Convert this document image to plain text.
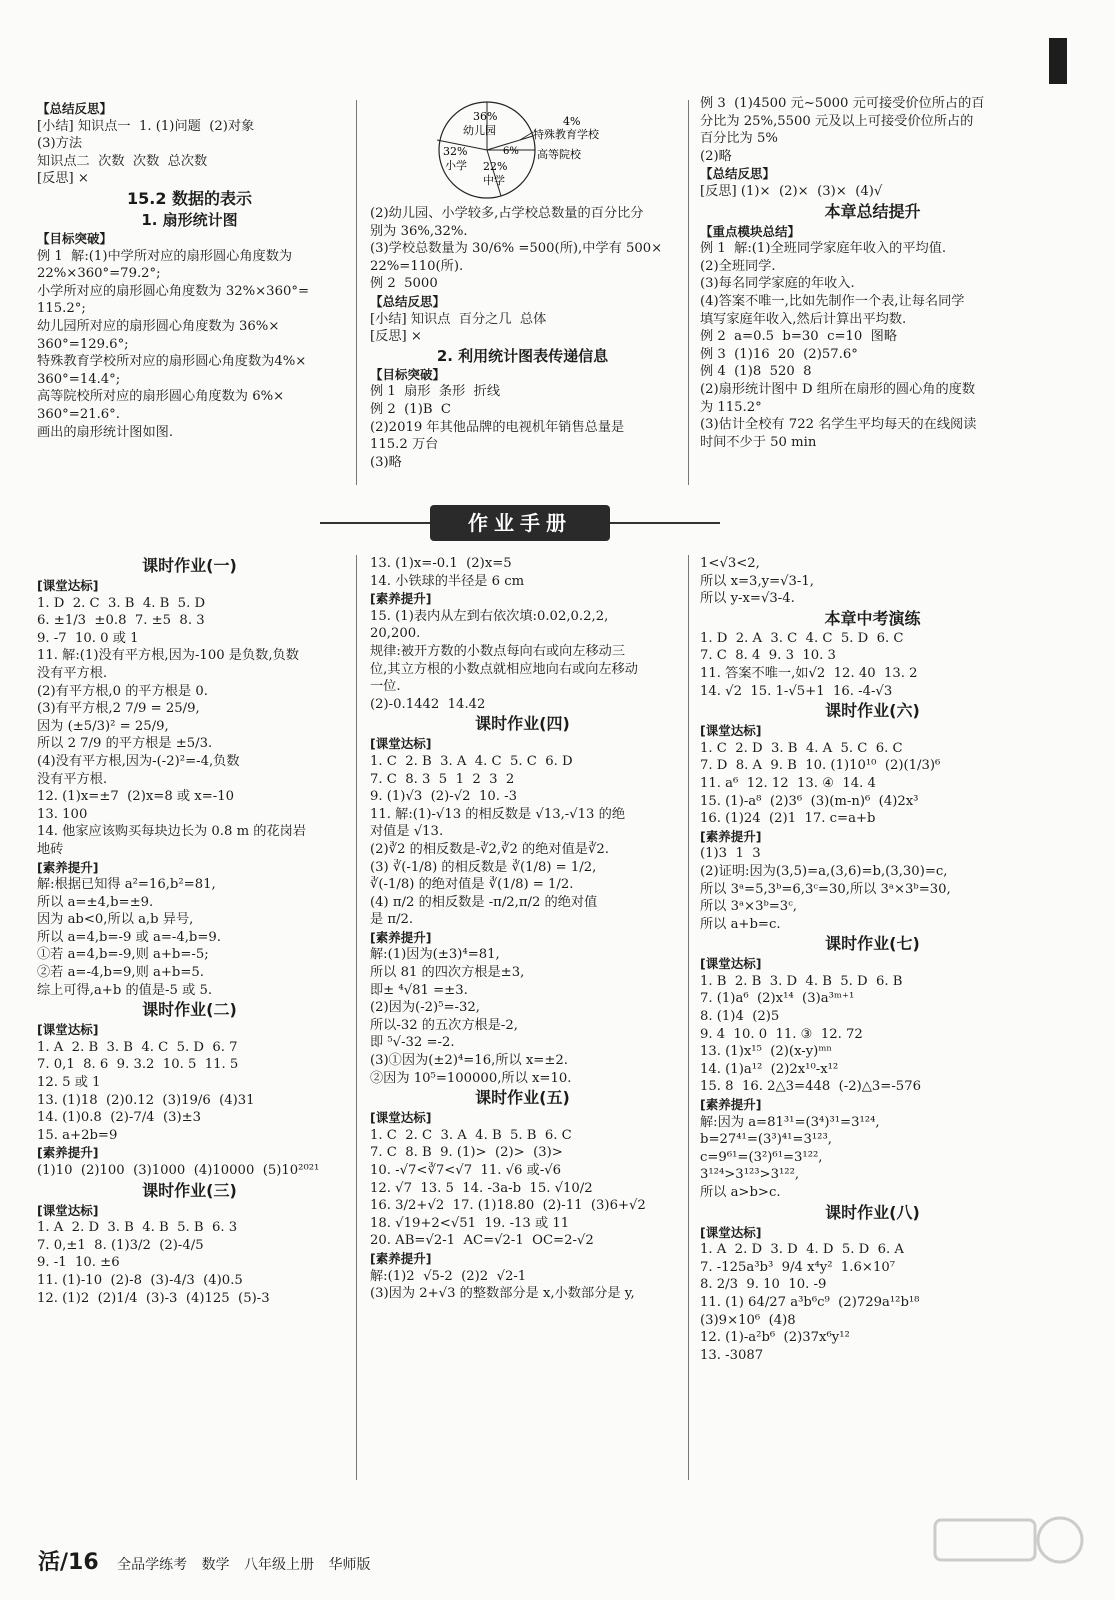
36%
幼儿园
4%
特殊教育学校
32%
小学
6% 高等院校
22%
中学
【总结反思】
[小结] 知识点一  1. (1)问题  (2)对象
(3)方法
知识点二  次数  次数  总次数
[反思] ×
15.2 数据的表示
1. 扇形统计图
【目标突破】
例 1  解:(1)中学所对应的扇形圆心角度数为
22%×360°=79.2°;
小学所对应的扇形圆心角度数为 32%×360°=
115.2°;
幼儿园所对应的扇形圆心角度数为 36%×
360°=129.6°;
特殊教育学校所对应的扇形圆心角度数为4%×
360°=14.4°;
高等院校所对应的扇形圆心角度数为 6%×
360°=21.6°.
画出的扇形统计图如图.
(2)幼儿园、小学较多,占学校总数量的百分比分
别为 36%,32%.
(3)学校总数量为 30/6% =500(所),中学有 500×
22%=110(所).
例 2  5000
【总结反思】
[小结] 知识点  百分之几  总体
[反思] ×
2. 利用统计图表传递信息
【目标突破】
例 1  扇形  条形  折线
例 2  (1)B  C
(2)2019 年其他品牌的电视机年销售总量是
115.2 万台
(3)略
例 3  (1)4500 元~5000 元可接受价位所占的百
分比为 25%,5500 元及以上可接受价位所占的
百分比为 5%
(2)略
【总结反思】
[反思] (1)×  (2)×  (3)×  (4)√
本章总结提升
【重点模块总结】
例 1  解:(1)全班同学家庭年收入的平均值.
(2)全班同学.
(3)每名同学家庭的年收入.
(4)答案不唯一,比如先制作一个表,让每名同学
填写家庭年收入,然后计算出平均数.
例 2  a=0.5  b=30  c=10  图略
例 3  (1)16  20  (2)57.6°
例 4  (1)8  520  8
(2)扇形统计图中 D 组所在扇形的圆心角的度数
为 115.2°
(3)估计全校有 722 名学生平均每天的在线阅读
时间不少于 50 min
作业手册
课时作业(一)
[课堂达标]
1. D  2. C  3. B  4. B  5. D
6. ±1/3  ±0.8  7. ±5  8. 3
9. -7  10. 0 或 1
11. 解:(1)没有平方根,因为-100 是负数,负数
没有平方根.
(2)有平方根,0 的平方根是 0.
(3)有平方根,2 7/9 = 25/9,
因为 (±5/3)² = 25/9,
所以 2 7/9 的平方根是 ±5/3.
(4)没有平方根,因为-(-2)²=-4,负数
没有平方根.
12. (1)x=±7  (2)x=8 或 x=-10
13. 100
14. 他家应该购买每块边长为 0.8 m 的花岗岩
地砖
[素养提升]
解:根据已知得 a²=16,b²=81,
所以 a=±4,b=±9.
因为 ab<0,所以 a,b 异号,
所以 a=4,b=-9 或 a=-4,b=9.
①若 a=4,b=-9,则 a+b=-5;
②若 a=-4,b=9,则 a+b=5.
综上可得,a+b 的值是-5 或 5.
课时作业(二)
[课堂达标]
1. A  2. B  3. B  4. C  5. D  6. 7
7. 0,1  8. 6  9. 3.2  10. 5  11. 5
12. 5 或 1
13. (1)18  (2)0.12  (3)19/6  (4)31
14. (1)0.8  (2)-7/4  (3)±3
15. a+2b=9
[素养提升]
(1)10  (2)100  (3)1000  (4)10000  (5)10²⁰²¹
课时作业(三)
[课堂达标]
1. A  2. D  3. B  4. B  5. B  6. 3
7. 0,±1  8. (1)3/2  (2)-4/5
9. -1  10. ±6
11. (1)-10  (2)-8  (3)-4/3  (4)0.5
12. (1)2  (2)1/4  (3)-3  (4)125  (5)-3
13. (1)x=-0.1  (2)x=5
14. 小铁球的半径是 6 cm
[素养提升]
15. (1)表内从左到右依次填:0.02,0.2,2,
20,200.
规律:被开方数的小数点每向右或向左移动三
位,其立方根的小数点就相应地向右或向左移动
一位.
(2)-0.1442  14.42
课时作业(四)
[课堂达标]
1. C  2. B  3. A  4. C  5. C  6. D
7. C  8. 3  5  1  2  3  2
9. (1)√3  (2)-√2  10. -3
11. 解:(1)-√13 的相反数是 √13,-√13 的绝
对值是 √13.
(2)∛2 的相反数是-∛2,∛2 的绝对值是∛2.
(3) ∛(-1/8) 的相反数是 ∛(1/8) = 1/2,
∛(-1/8) 的绝对值是 ∛(1/8) = 1/2.
(4) π/2 的相反数是 -π/2,π/2 的绝对值
是 π/2.
[素养提升]
解:(1)因为(±3)⁴=81,
所以 81 的四次方根是±3,
即± ⁴√81 =±3.
(2)因为(-2)⁵=-32,
所以-32 的五次方根是-2,
即 ⁵√-32 =-2.
(3)①因为(±2)⁴=16,所以 x=±2.
②因为 10⁵=100000,所以 x=10.
课时作业(五)
[课堂达标]
1. C  2. C  3. A  4. B  5. B  6. C
7. C  8. B  9. (1)>  (2)>  (3)>
10. -√7<∛7<√7  11. √6 或-√6
12. √7  13. 5  14. -3a-b  15. √10/2
16. 3/2+√2  17. (1)18.80  (2)-11  (3)6+√2
18. √19+2<√51  19. -13 或 11
20. AB=√2-1  AC=√2-1  OC=2-√2
[素养提升]
解:(1)2  √5-2  (2)2  √2-1
(3)因为 2+√3 的整数部分是 x,小数部分是 y,
1<√3<2,
所以 x=3,y=√3-1,
所以 y-x=√3-4.
本章中考演练
1. D  2. A  3. C  4. C  5. D  6. C
7. C  8. 4  9. 3  10. 3
11. 答案不唯一,如√2  12. 40  13. 2
14. √2  15. 1-√5+1  16. -4-√3
课时作业(六)
[课堂达标]
1. C  2. D  3. B  4. A  5. C  6. C
7. D  8. A  9. B  10. (1)10¹⁰  (2)(1/3)⁶
11. a⁶  12. 12  13. ④  14. 4
15. (1)-a⁸  (2)3⁶  (3)(m-n)⁶  (4)2x³
16. (1)24  (2)1  17. c=a+b
[素养提升]
(1)3  1  3
(2)证明:因为(3,5)=a,(3,6)=b,(3,30)=c,
所以 3ᵃ=5,3ᵇ=6,3ᶜ=30,所以 3ᵃ×3ᵇ=30,
所以 3ᵃ×3ᵇ=3ᶜ,
所以 a+b=c.
课时作业(七)
[课堂达标]
1. B  2. B  3. D  4. B  5. D  6. B
7. (1)a⁶  (2)x¹⁴  (3)a³ᵐ⁺¹
8. (1)4  (2)5
9. 4  10. 0  11. ③  12. 72
13. (1)x¹⁵  (2)(x-y)ᵐⁿ
14. (1)a¹²  (2)2x¹⁰-x¹²
15. 8  16. 2△3=448  (-2)△3=-576
[素养提升]
解:因为 a=81³¹=(3⁴)³¹=3¹²⁴,
b=27⁴¹=(3³)⁴¹=3¹²³,
c=9⁶¹=(3²)⁶¹=3¹²²,
3¹²⁴>3¹²³>3¹²²,
所以 a>b>c.
课时作业(八)
[课堂达标]
1. A  2. D  3. D  4. D  5. D  6. A
7. -125a³b³  9/4 x⁴y²  1.6×10⁷
8. 2/3  9. 10  10. -9
11. (1) 64/27 a³b⁶c⁹  (2)729a¹²b¹⁸
(3)9×10⁶  (4)8
12. (1)-a²b⁶  (2)37x⁶y¹²
13. -3087
活/16 全品学练考 数学 八年级上册 华师版
